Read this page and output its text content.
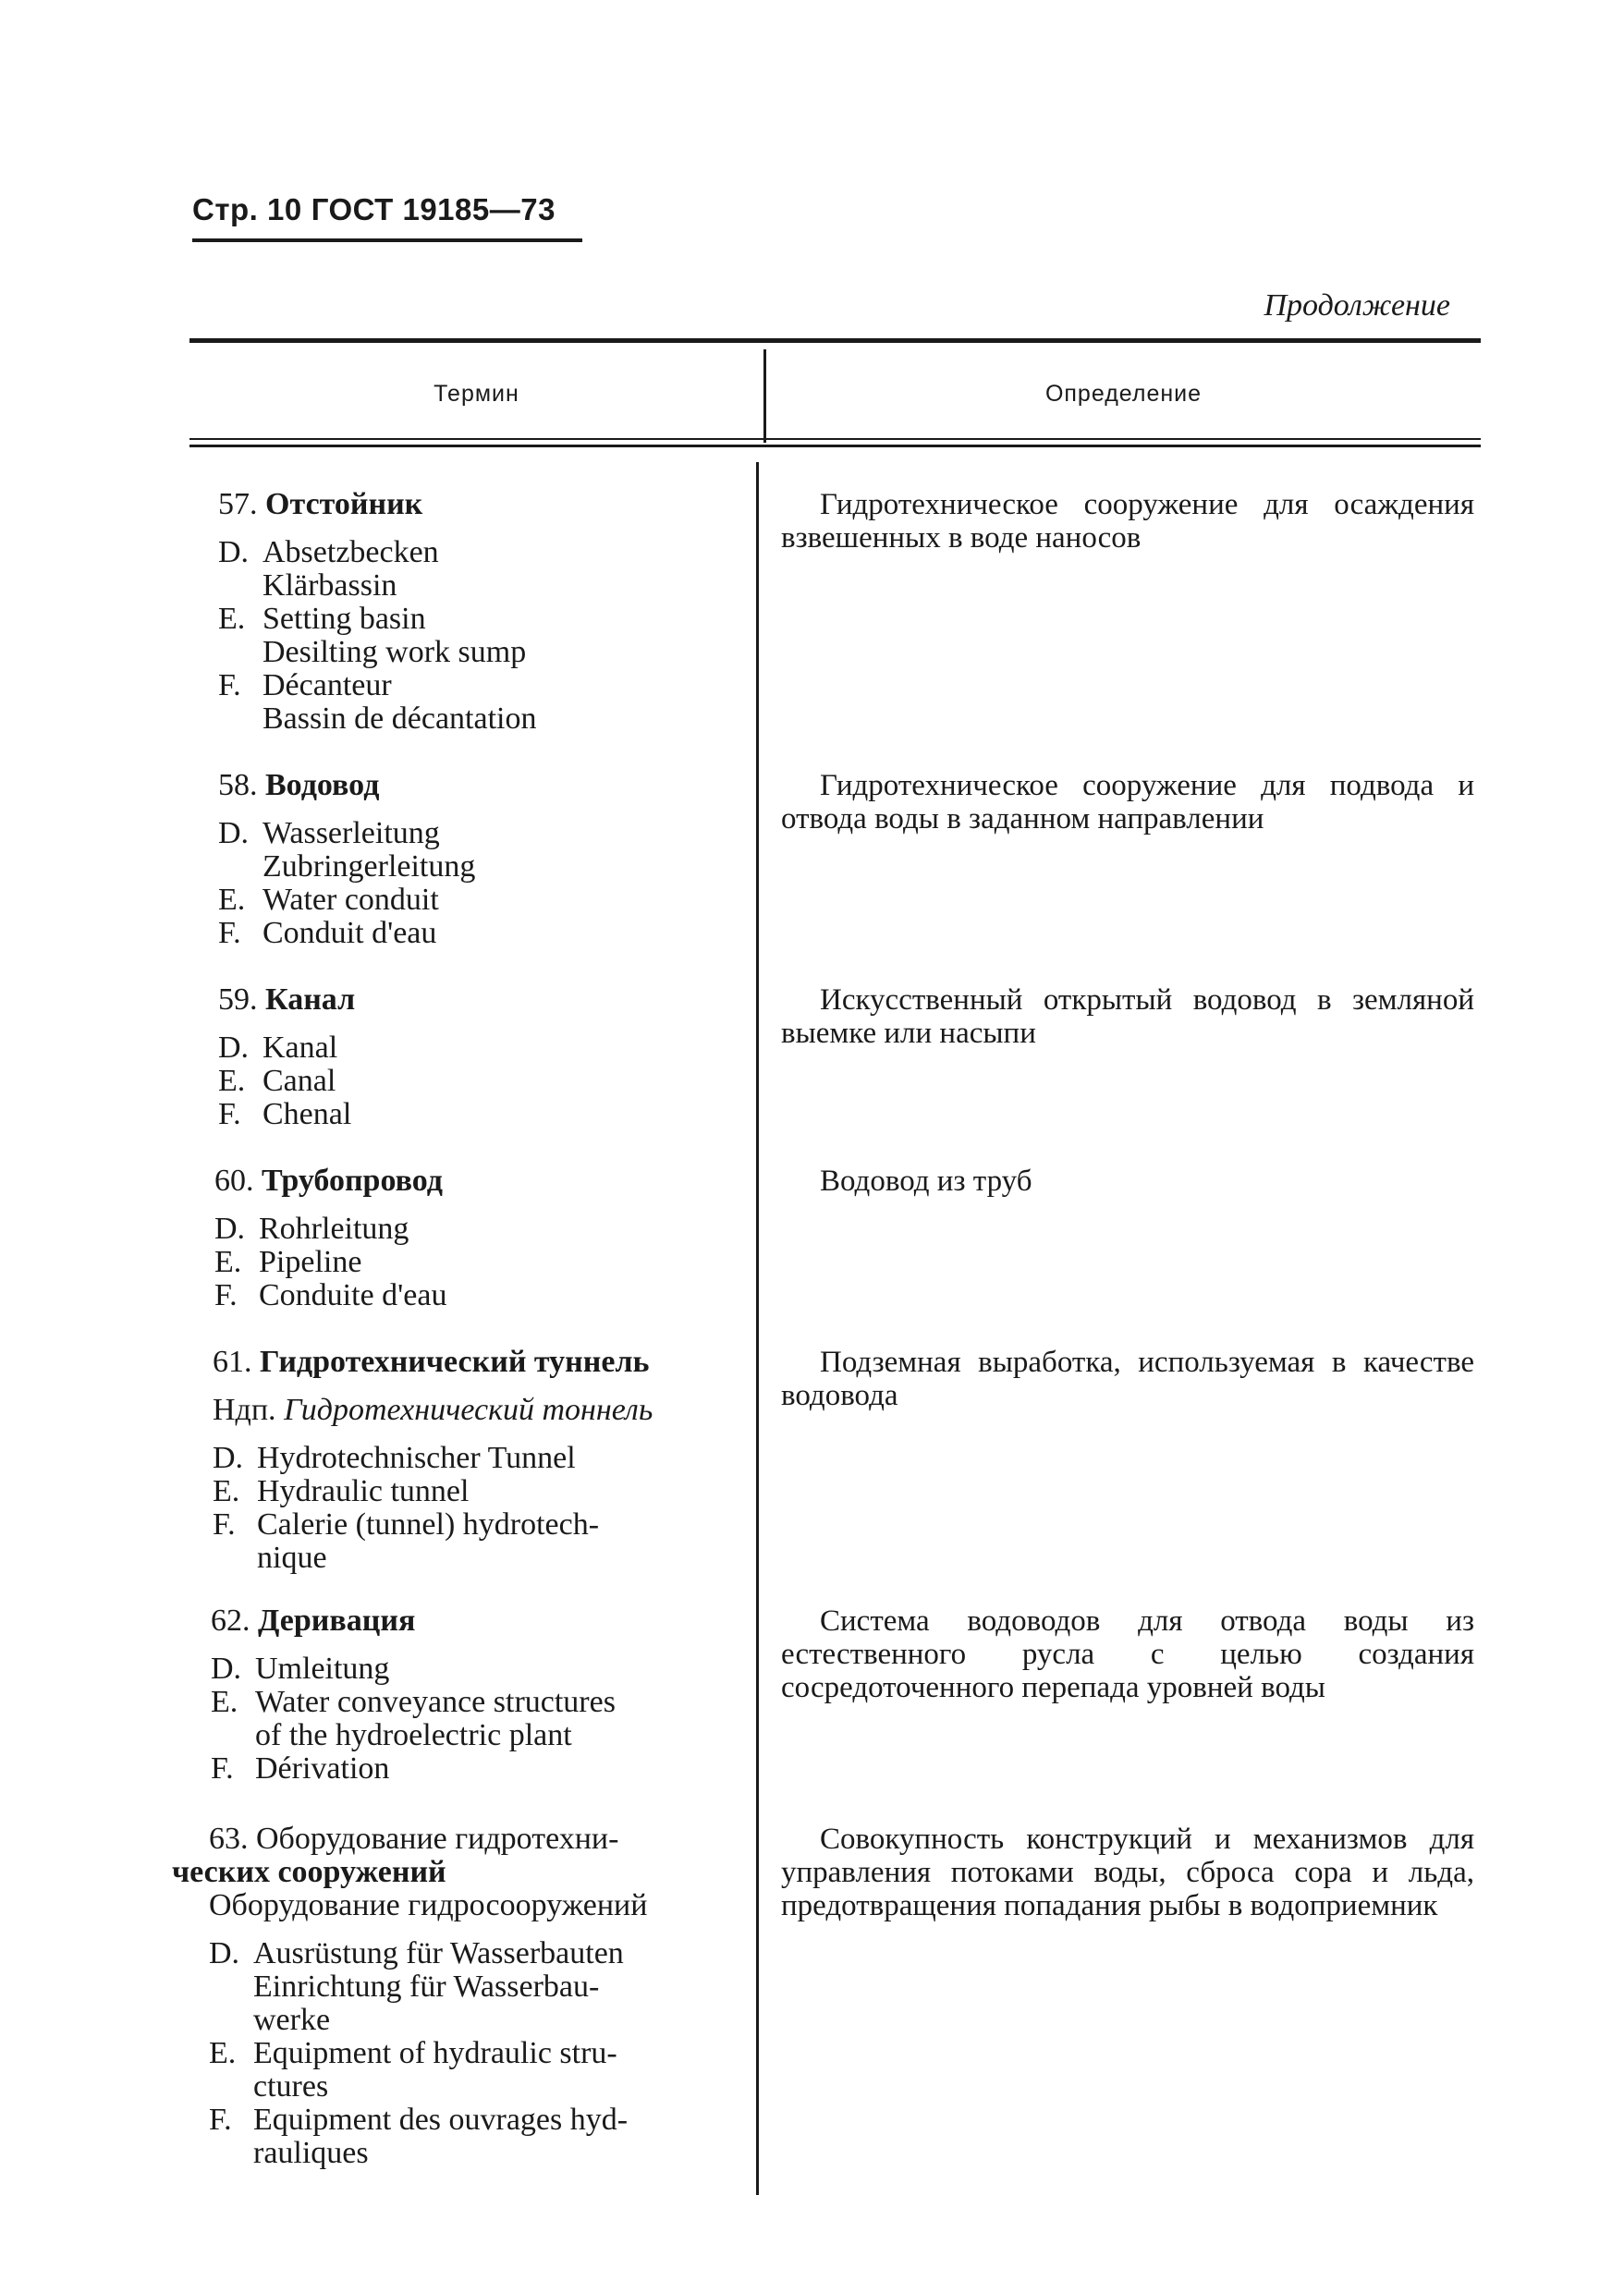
Стр. 10 ГОСТ 19185—73
Продолжение
Термин	Определение
57. Отстойник
D. Absetzbecken
Klärbassin
E. Setting basin
Desilting work sump
F. Décanteur
Bassin de décantation
Гидротехническое сооружение для осаждения взвешенных в воде наносов
58. Водовод
D. Wasserleitung
Zubringerleitung
E. Water conduit
F. Conduit d'eau
Гидротехническое сооружение для подвода и отвода воды в заданном направлении
59. Канал
D. Kanal
E. Canal
F. Chenal
Искусственный открытый водовод в земляной выемке или насыпи
60. Трубопровод
D. Rohrleitung
E. Pipeline
F. Conduite d'eau
Водовод из труб
61. Гидротехнический туннель
Ндп. Гидротехнический тоннель
D. Hydrotechnischer Tunnel
E. Hydraulic tunnel
F. Calerie (tunnel) hydrotech-
nique
Подземная выработка, используемая в качестве водовода
62. Деривация
D. Umleitung
E. Water conveyance structures
of the hydroelectric plant
F. Dérivation
Система водоводов для отвода воды из естественного русла с целью создания сосредоточенного перепада уровней воды
63. Оборудование гидротехни-
ческих сооружений
Оборудование гидросооружений
D. Ausrüstung für Wasserbauten
Einrichtung für Wasserbau-
werke
E. Equipment of hydraulic stru-
ctures
F. Equipment des ouvrages hyd-
rauliques
Совокупность конструкций и механизмов для управления потоками воды, сброса сора и льда, предотвращения попадания рыбы в водоприемник
